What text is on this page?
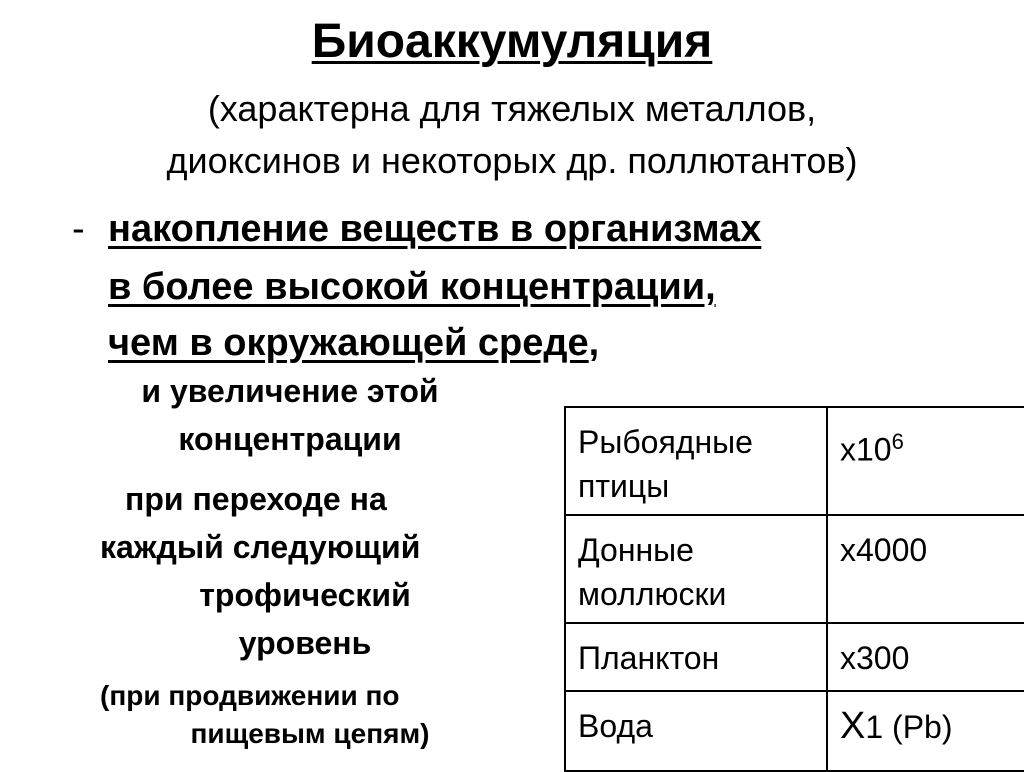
Биоаккумуляция
(характерна для тяжелых металлов,
диоксинов и некоторых др. поллютантов)
- накопление веществ в организмах
в более высокой концентрации,
чем в окружающей среде,
и увеличение этой
концентрации
при переходе на
каждый следующий
трофический
уровень
(при продвижении по
пищевым цепям)
Рыбоядные
птицы	$x10^6$
Донные
моллюски	x4000
Планктон	x300
Вода	X1 (Pb)
